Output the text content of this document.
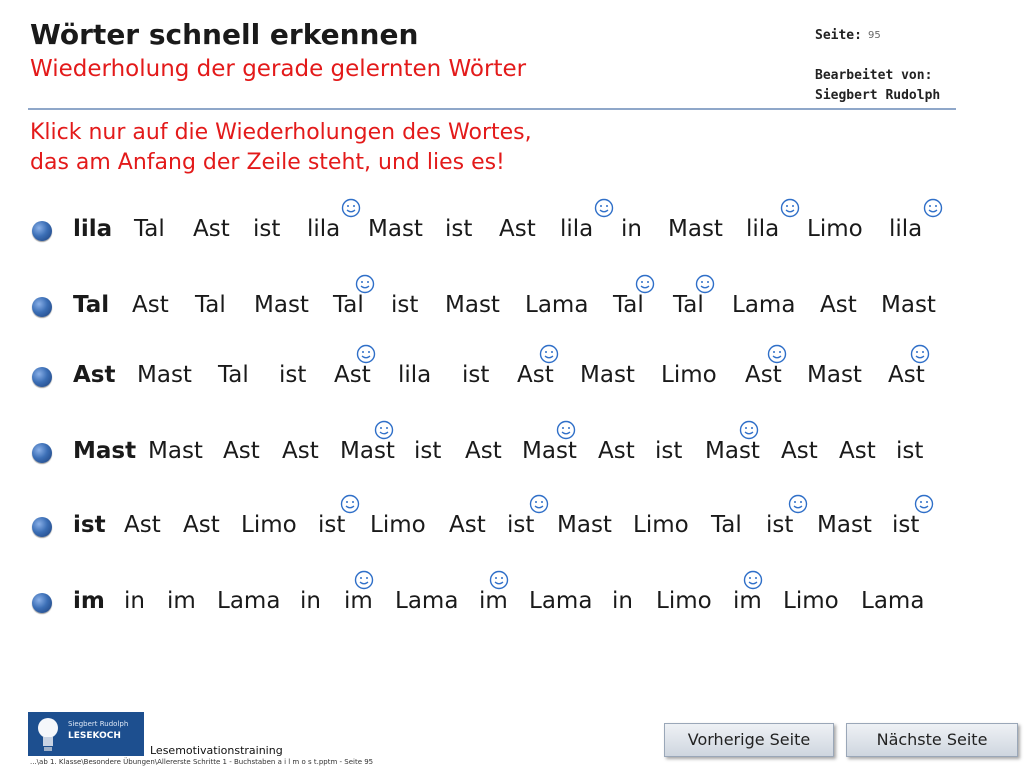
Wörter schnell erkennen
Wiederholung der gerade gelernten Wörter
Seite: 95
Bearbeitet von:
Siegbert Rudolph
Klick nur auf die Wiederholungen des Wortes,
das am Anfang der Zeile steht, und lies es!
lila Tal Ast ist lila Mast ist Ast lila in Mast lila Limo lila
Tal Ast Tal Mast Tal ist Mast Lama Tal Tal Lama Ast Mast
Ast Mast Tal ist Ast lila ist Ast Mast Limo Ast Mast Ast
Mast Mast Ast Ast Mast ist Ast Mast Ast ist Mast Ast Ast ist
ist Ast Ast Limo ist Limo Ast ist Mast Limo Tal ist Mast ist
im in im Lama in im Lama im Lama in Limo im Limo Lama
Siegbert Rudolph
LESEKOCH
Lesemotivationstraining
...\ab 1. Klasse\Besondere Übungen\Allererste Schritte 1 - Buchstaben a i l m o s t.pptm - Seite 95
Vorherige Seite	Nächste Seite
